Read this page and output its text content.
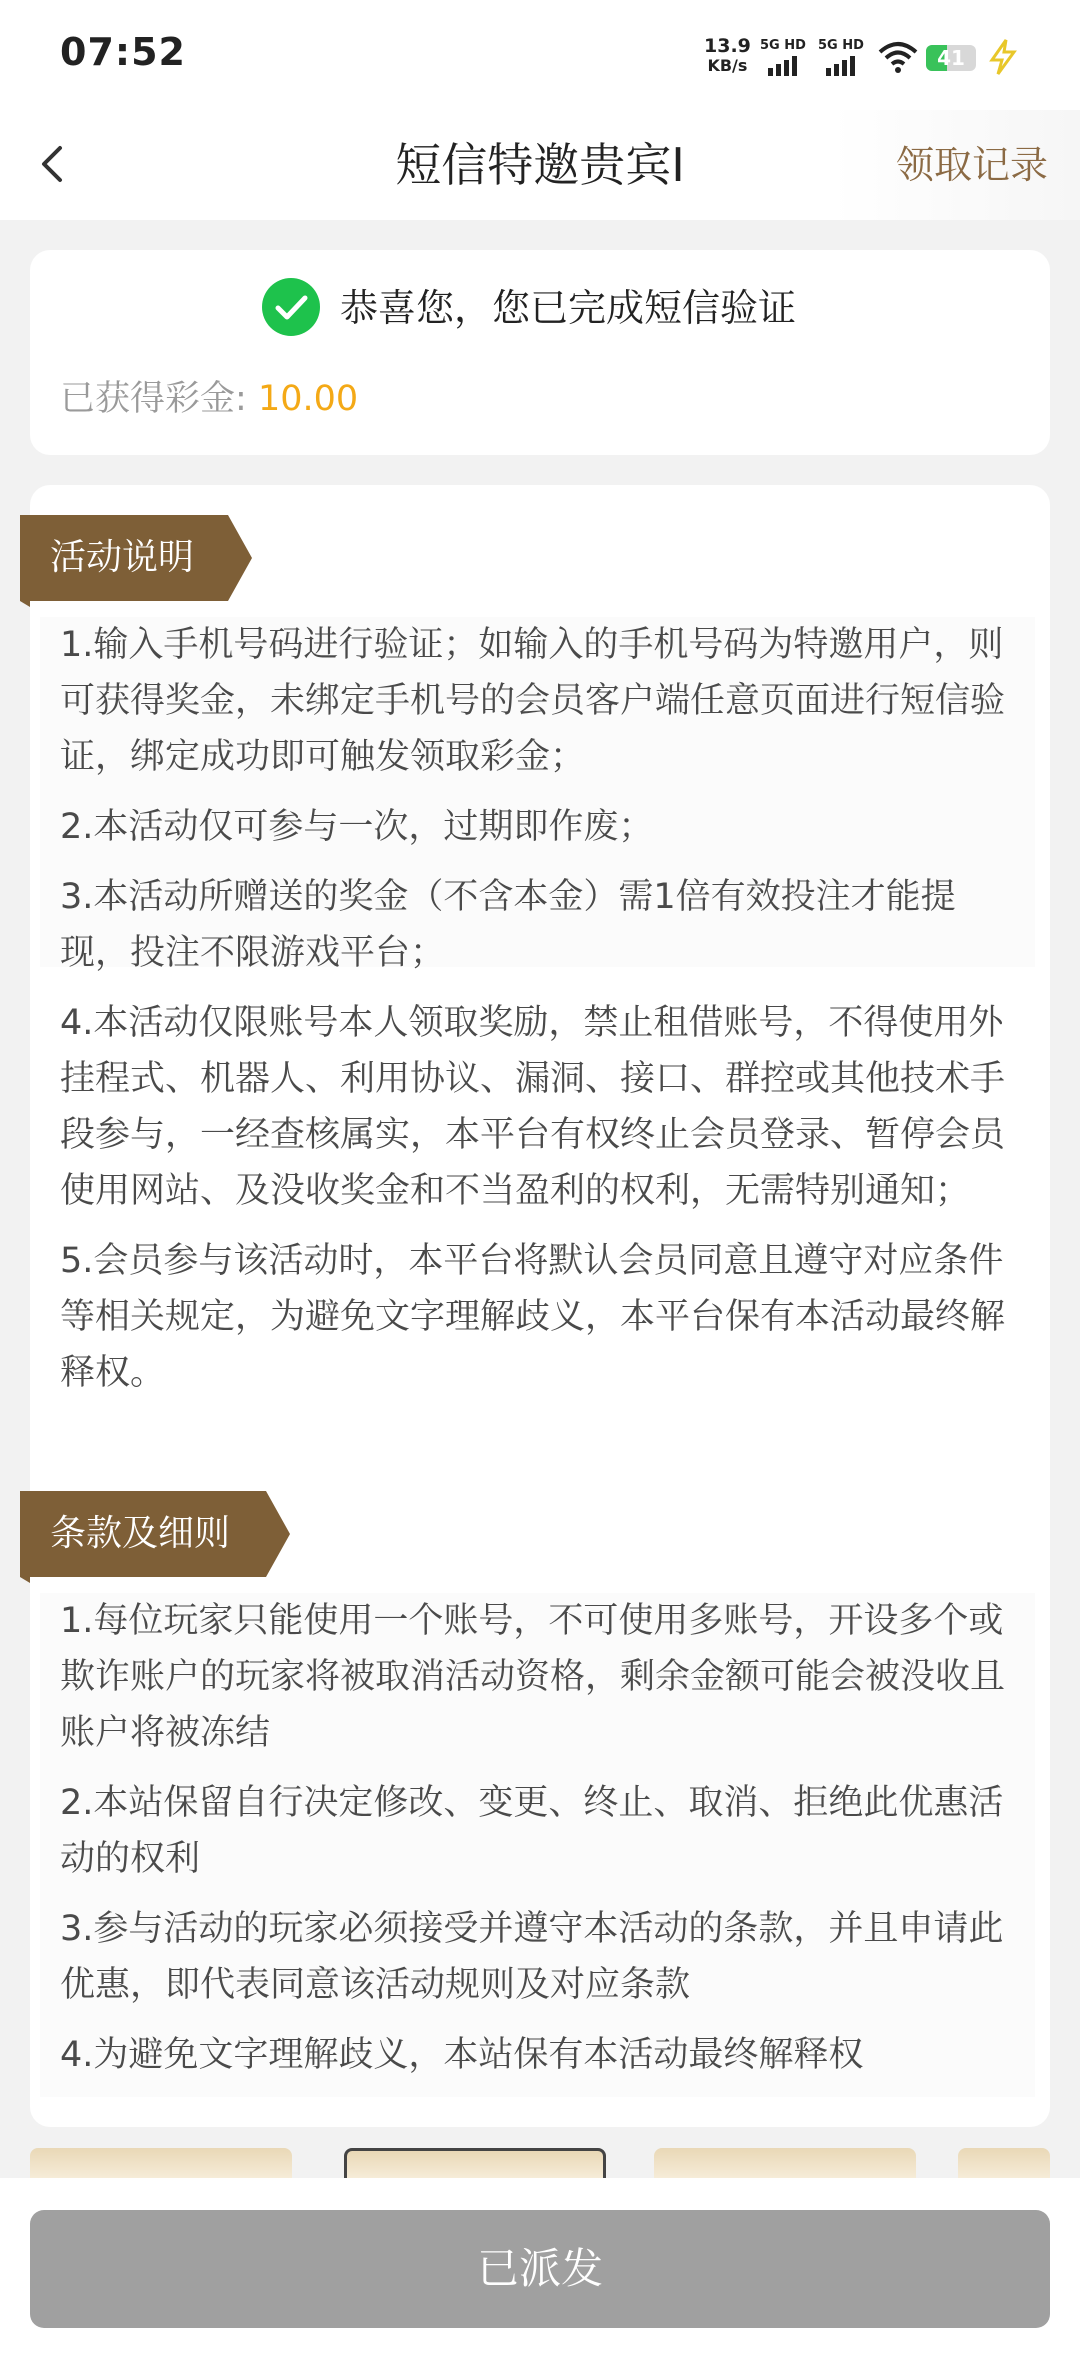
07:52	13.9
KB/s
5G HD 5G HD
41
短信特邀贵宾I	领取记录
恭喜您，您已完成短信验证
已获得彩金: 10.00
活动说明

1.输入手机号码进行验证；如输入的手机号码为特邀用户，则可获得奖金，未绑定手机号的会员客户端任意页面进行短信验证，绑定成功即可触发领取彩金；

2.本活动仅可参与一次，过期即作废；

3.本活动所赠送的奖金（不含本金）需1倍有效投注才能提现，投注不限游戏平台；

4.本活动仅限账号本人领取奖励，禁止租借账号，不得使用外挂程式、机器人、利用协议、漏洞、接口、群控或其他技术手段参与，一经查核属实，本平台有权终止会员登录、暂停会员使用网站、及没收奖金和不当盈利的权利，无需特别通知；

5.会员参与该活动时，本平台将默认会员同意且遵守对应条件等相关规定，为避免文字理解歧义，本平台保有本活动最终解释权。

条款及细则

1.每位玩家只能使用一个账号，不可使用多账号，开设多个或欺诈账户的玩家将被取消活动资格，剩余金额可能会被没收且账户将被冻结

2.本站保留自行决定修改、变更、终止、取消、拒绝此优惠活动的权利

3.参与活动的玩家必须接受并遵守本活动的条款，并且申请此优惠，即代表同意该活动规则及对应条款

4.为避免文字理解歧义，本站保有本活动最终解释权

已派发
